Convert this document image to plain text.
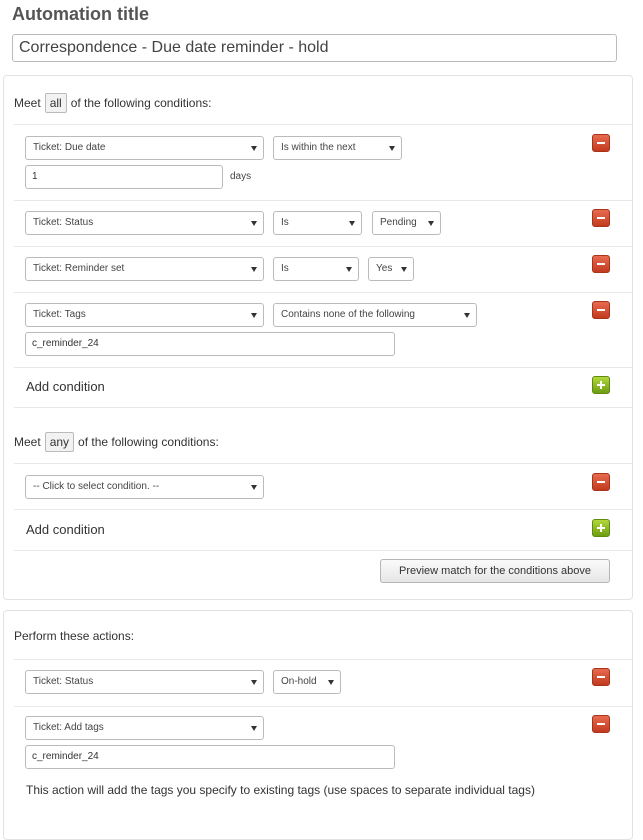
Automation title
Correspondence - Due date reminder - hold
Meet all of the following conditions:
Ticket: Due date	Is within the next
1	days
Ticket: Status	Is	Pending
Ticket: Reminder set	Is	Yes
Ticket: Tags	Contains none of the following
c_reminder_24
Add condition
Meet any of the following conditions:
-- Click to select condition. --
Add condition
Preview match for the conditions above
Perform these actions:
Ticket: Status	On-hold
Ticket: Add tags
c_reminder_24
This action will add the tags you specify to existing tags (use spaces to separate individual tags)
